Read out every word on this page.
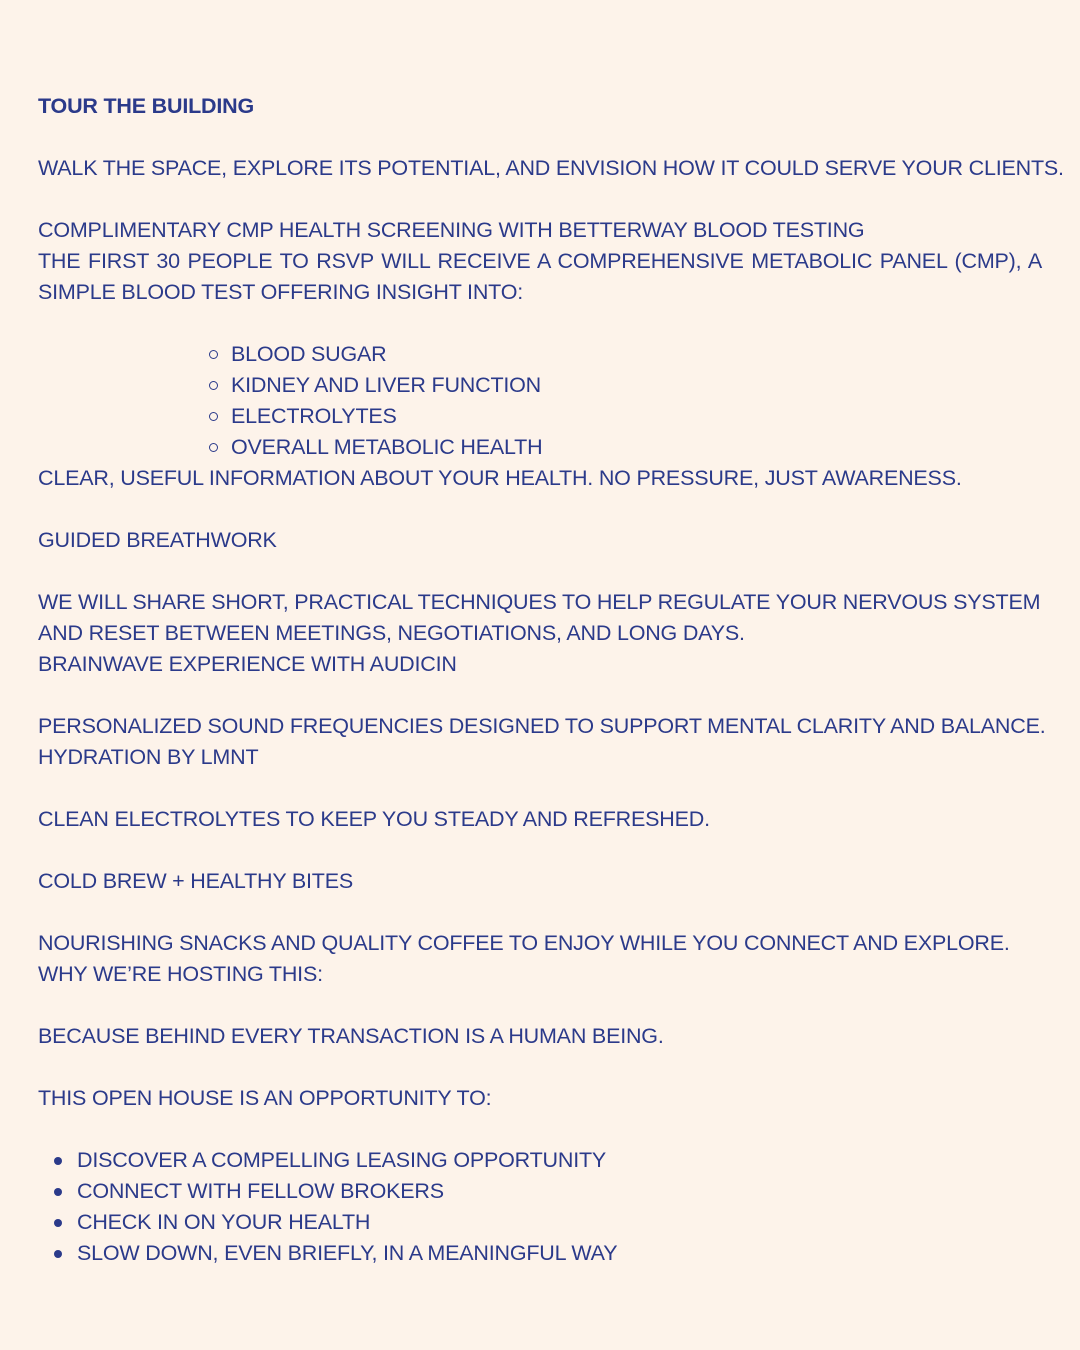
TOUR THE BUILDING
WALK THE SPACE, EXPLORE ITS POTENTIAL, AND ENVISION HOW IT COULD SERVE YOUR CLIENTS.
COMPLIMENTARY CMP HEALTH SCREENING WITH BETTERWAY BLOOD TESTING
THE FIRST 30 PEOPLE TO RSVP WILL RECEIVE A COMPREHENSIVE METABOLIC PANEL (CMP), A SIMPLE BLOOD TEST OFFERING INSIGHT INTO:
BLOOD SUGAR
KIDNEY AND LIVER FUNCTION
ELECTROLYTES
OVERALL METABOLIC HEALTH
CLEAR, USEFUL INFORMATION ABOUT YOUR HEALTH. NO PRESSURE, JUST AWARENESS.
GUIDED BREATHWORK
WE WILL SHARE SHORT, PRACTICAL TECHNIQUES TO HELP REGULATE YOUR NERVOUS SYSTEM
AND RESET BETWEEN MEETINGS, NEGOTIATIONS, AND LONG DAYS.
BRAINWAVE EXPERIENCE WITH AUDICIN
PERSONALIZED SOUND FREQUENCIES DESIGNED TO SUPPORT MENTAL CLARITY AND BALANCE.
HYDRATION BY LMNT
CLEAN ELECTROLYTES TO KEEP YOU STEADY AND REFRESHED.
COLD BREW + HEALTHY BITES
NOURISHING SNACKS AND QUALITY COFFEE TO ENJOY WHILE YOU CONNECT AND EXPLORE.
WHY WE’RE HOSTING THIS:
BECAUSE BEHIND EVERY TRANSACTION IS A HUMAN BEING.
THIS OPEN HOUSE IS AN OPPORTUNITY TO:
DISCOVER A COMPELLING LEASING OPPORTUNITY
CONNECT WITH FELLOW BROKERS
CHECK IN ON YOUR HEALTH
SLOW DOWN, EVEN BRIEFLY, IN A MEANINGFUL WAY
